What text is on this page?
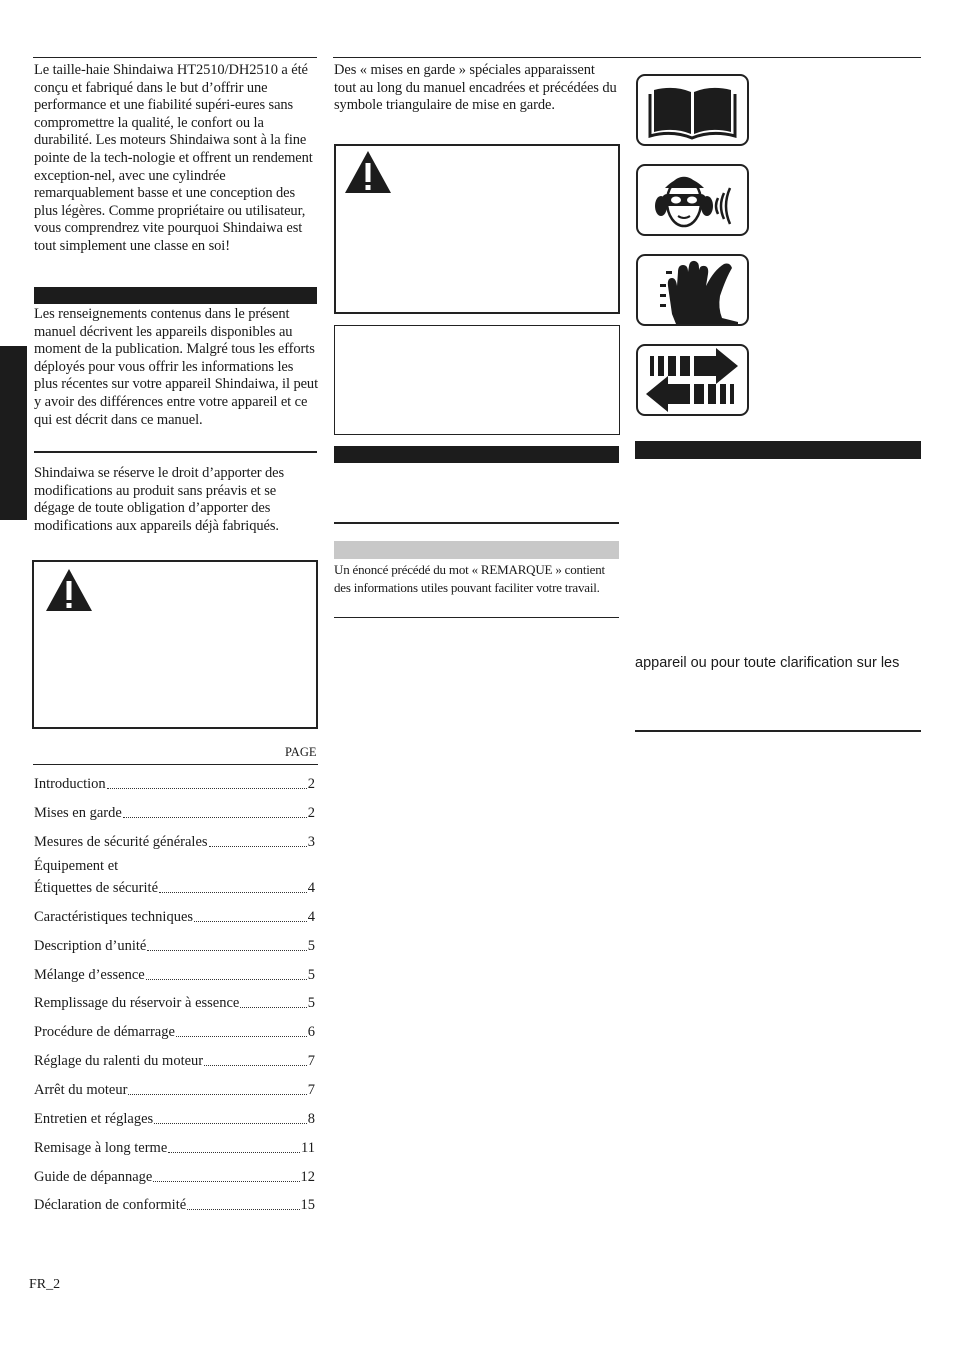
Le taille-haie Shindaiwa HT2510/DH2510 a été conçu et fabriqué dans le but d’offrir une performance et une fiabilité supéri-eures sans compromettre la qualité, le confort ou la durabilité. Les moteurs Shindaiwa sont à la fine pointe de la tech-nologie et offrent un rendement exception-nel, avec une cylindrée remarquablement basse et une conception des plus légères. Comme propriétaire ou utilisateur, vous comprendrez vite pourquoi Shindaiwa est tout simplement une classe en soi!

Les renseignements contenus dans le présent manuel décrivent les appareils disponibles au moment de la publication. Malgré tous les efforts déployés pour vous offrir les informations les plus récentes sur votre appareil Shindaiwa, il peut y avoir des différences entre votre appareil et ce qui est décrit dans ce manuel.

Shindaiwa se réserve le droit d’apporter des modifications au produit sans préavis et se dégage de toute obligation d’apporter des modifications aux appareils déjà fabriqués.

PAGE
Introduction	2
Mises en garde	2
Mesures de sécurité générales	3
Équipement et
Étiquettes de sécurité	4
Caractéristiques techniques	4
Description d’unité	5
Mélange d’essence	5
Remplissage du réservoir à essence	5
Procédure de démarrage	6
Réglage du ralenti du moteur	7
Arrêt du moteur	7
Entretien et réglages	8
Remisage à long terme	11
Guide de dépannage	12
Déclaration de conformité	15

Des « mises en garde » spéciales apparaissent tout au long du manuel encadrées et précédées du symbole triangulaire de mise en garde.

Un énoncé précédé du mot « REMARQUE » contient des informations utiles pouvant faciliter votre travail.

appareil ou pour toute clarification sur les
FR_2
